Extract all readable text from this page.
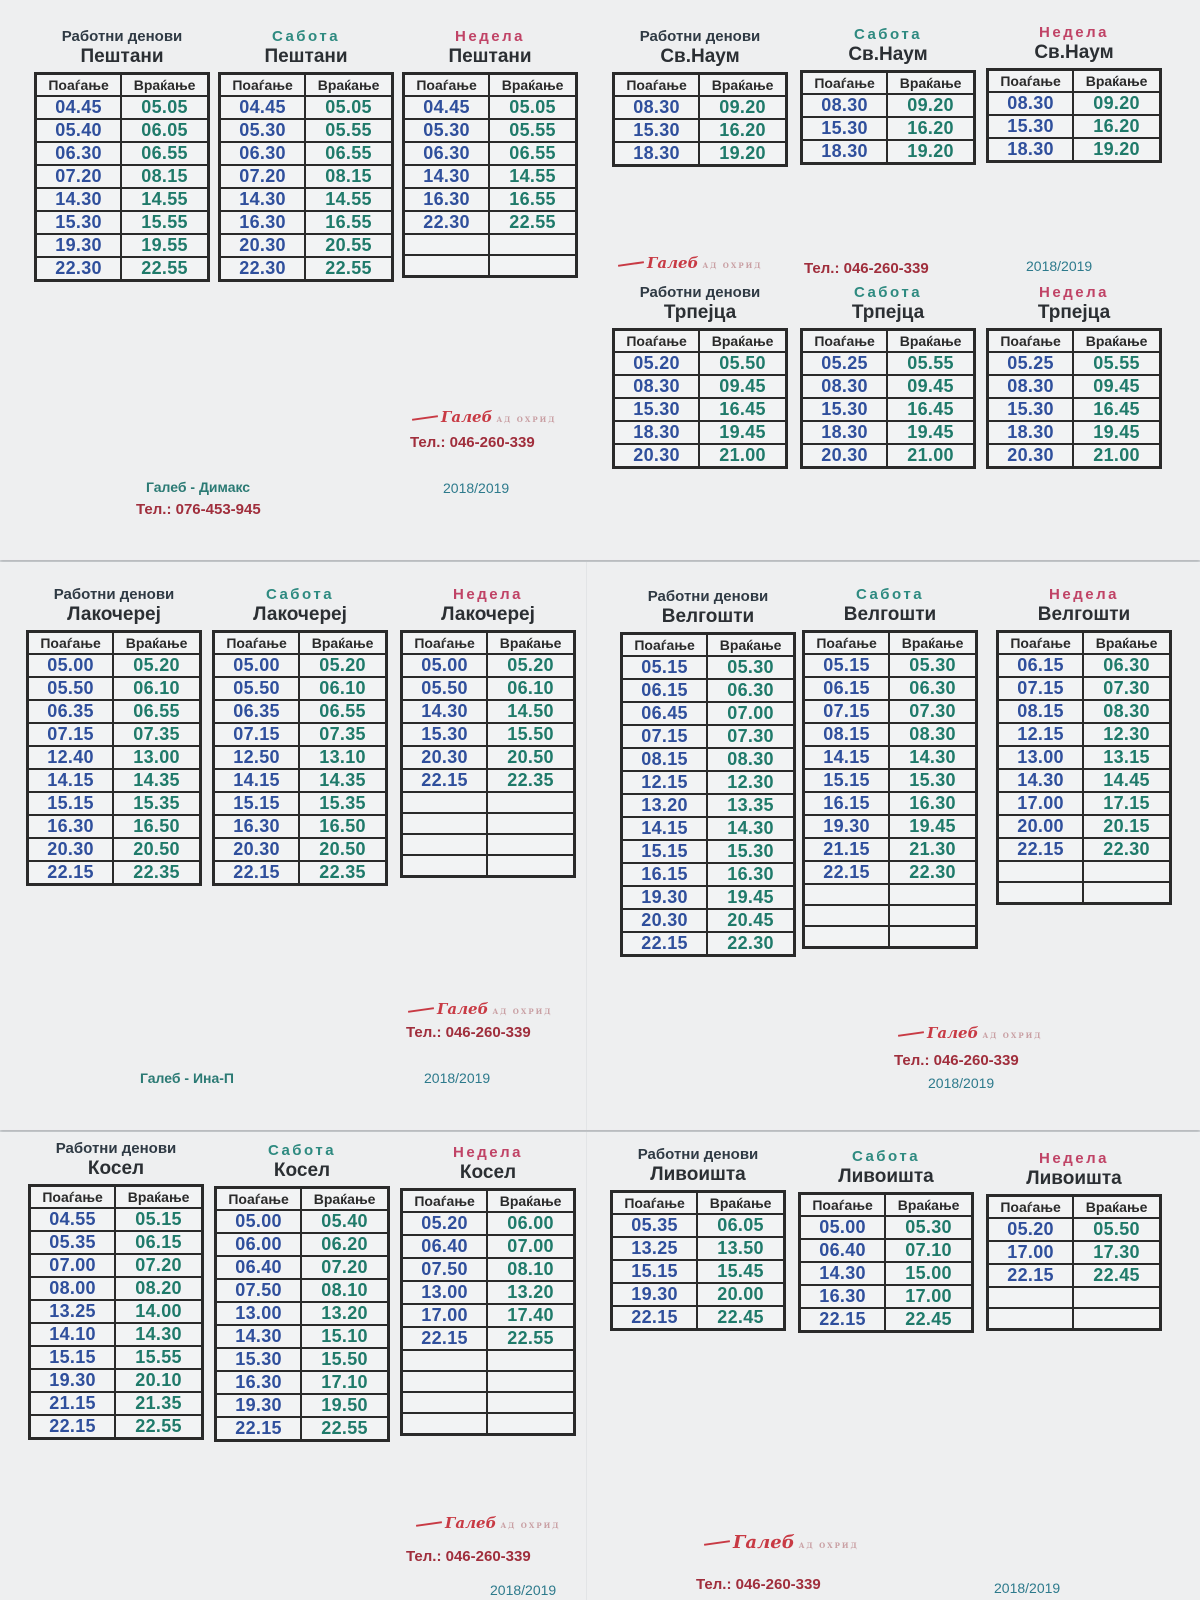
Работни денови
Пештани
Поаѓање	Враќање
04.45	05.05
05.40	06.05
06.30	06.55
07.20	08.15
14.30	14.55
15.30	15.55
19.30	19.55
22.30	22.55
Сабота
Пештани
Поаѓање	Враќање
04.45	05.05
05.30	05.55
06.30	06.55
07.20	08.15
14.30	14.55
16.30	16.55
20.30	20.55
22.30	22.55
Недела
Пештани
Поаѓање	Враќање
04.45	05.05
05.30	05.55
06.30	06.55
14.30	14.55
16.30	16.55
22.30	22.55

Работни денови
Св.Наум
Поаѓање	Враќање
08.30	09.20
15.30	16.20
18.30	19.20
Сабота
Св.Наум
Поаѓање	Враќање
08.30	09.20
15.30	16.20
18.30	19.20
Недела
Св.Наум
Поаѓање	Враќање
08.30	09.20
15.30	16.20
18.30	19.20
Галеб АД ОХРИД	Тел.: 046-260-339	2018/2019
Работни денови
Трпејца
Поаѓање	Враќање
05.20	05.50
08.30	09.45
15.30	16.45
18.30	19.45
20.30	21.00
Сабота
Трпејца
Поаѓање	Враќање
05.25	05.55
08.30	09.45
15.30	16.45
18.30	19.45
20.30	21.00
Недела
Трпејца
Поаѓање	Враќање
05.25	05.55
08.30	09.45
15.30	16.45
18.30	19.45
20.30	21.00
Галеб АД ОХРИД
Тел.: 046-260-339
Галеб - Димакс
Тел.: 076-453-945
2018/2019
Работни денови
Лакочереј
Поаѓање	Враќање
05.00	05.20
05.50	06.10
06.35	06.55
07.15	07.35
12.40	13.00
14.15	14.35
15.15	15.35
16.30	16.50
20.30	20.50
22.15	22.35
Сабота
Лакочереј
Поаѓање	Враќање
05.00	05.20
05.50	06.10
06.35	06.55
07.15	07.35
12.50	13.10
14.15	14.35
15.15	15.35
16.30	16.50
20.30	20.50
22.15	22.35
Недела
Лакочереј
Поаѓање	Враќање
05.00	05.20
05.50	06.10
14.30	14.50
15.30	15.50
20.30	20.50
22.15	22.35

Работни денови
Велгошти
Поаѓање	Враќање
05.15	05.30
06.15	06.30
06.45	07.00
07.15	07.30
08.15	08.30
12.15	12.30
13.20	13.35
14.15	14.30
15.15	15.30
16.15	16.30
19.30	19.45
20.30	20.45
22.15	22.30
Сабота
Велгошти
Поаѓање	Враќање
05.15	05.30
06.15	06.30
07.15	07.30
08.15	08.30
14.15	14.30
15.15	15.30
16.15	16.30
19.30	19.45
21.15	21.30
22.15	22.30

Недела
Велгошти
Поаѓање	Враќање
06.15	06.30
07.15	07.30
08.15	08.30
12.15	12.30
13.00	13.15
14.30	14.45
17.00	17.15
20.00	20.15
22.15	22.30

Галеб АД ОХРИД
Тел.: 046-260-339
Галеб - Ина-П	2018/2019
Галеб АД ОХРИД
Тел.: 046-260-339
2018/2019
Работни денови
Косел
Поаѓање	Враќање
04.55	05.15
05.35	06.15
07.00	07.20
08.00	08.20
13.25	14.00
14.10	14.30
15.15	15.55
19.30	20.10
21.15	21.35
22.15	22.55
Сабота
Косел
Поаѓање	Враќање
05.00	05.40
06.00	06.20
06.40	07.20
07.50	08.10
13.00	13.20
14.30	15.10
15.30	15.50
16.30	17.10
19.30	19.50
22.15	22.55
Недела
Косел
Поаѓање	Враќање
05.20	06.00
06.40	07.00
07.50	08.10
13.00	13.20
17.00	17.40
22.15	22.55

Работни денови
Ливоишта
Поаѓање	Враќање
05.35	06.05
13.25	13.50
15.15	15.45
19.30	20.00
22.15	22.45
Сабота
Ливоишта
Поаѓање	Враќање
05.00	05.30
06.40	07.10
14.30	15.00
16.30	17.00
22.15	22.45
Недела
Ливоишта
Поаѓање	Враќање
05.20	05.50
17.00	17.30
22.15	22.45

Галеб АД ОХРИД
Тел.: 046-260-339
2018/2019
Галеб АД ОХРИД
Тел.: 046-260-339	2018/2019
